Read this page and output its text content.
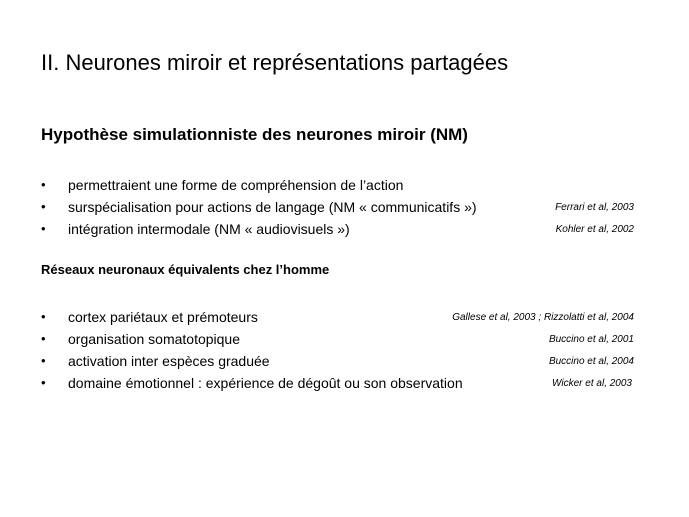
II. Neurones miroir et représentations partagées
Hypothèse simulationniste des neurones miroir (NM)
• permettraient une forme de compréhension de l’action
• surspécialisation pour actions de langage (NM « communicatifs »)	Ferrari et al, 2003
• intégration intermodale (NM « audiovisuels »)	Kohler et al, 2002
Réseaux neuronaux équivalents chez l’homme
• cortex pariétaux et prémoteurs	Gallese et al, 2003 ; Rizzolatti et al, 2004
• organisation somatotopique	Buccino et al, 2001
• activation inter espèces graduée	Buccino et al, 2004
• domaine émotionnel : expérience de dégoût ou son observation	Wicker et al, 2003
